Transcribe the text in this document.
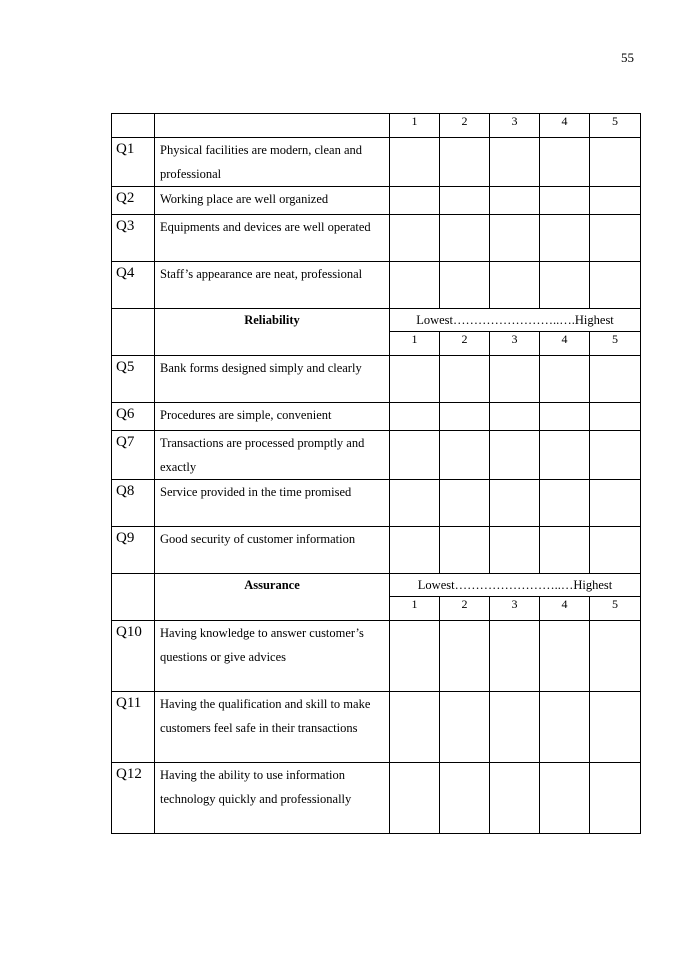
55
		1	2	3	4	5
Q1	Physical facilities are modern, clean and professional					
Q2	Working place are well organized					
Q3	Equipments and devices are well operated					
Q4	Staff’s appearance are neat, professional					
	Reliability	Lowest……………………..….Highest				
		1	2	3	4	5
Q5	Bank forms designed simply and clearly					
Q6	Procedures are simple, convenient					
Q7	Transactions are processed promptly and exactly					
Q8	Service provided in the time promised					
Q9	Good security of customer information					
	Assurance	Lowest……………………..…Highest				
		1	2	3	4	5
Q10	Having knowledge to answer customer’s questions or give advices					
Q11	Having the qualification and skill to make customers feel safe in their transactions					
Q12	Having the ability to use information technology quickly and professionally					
